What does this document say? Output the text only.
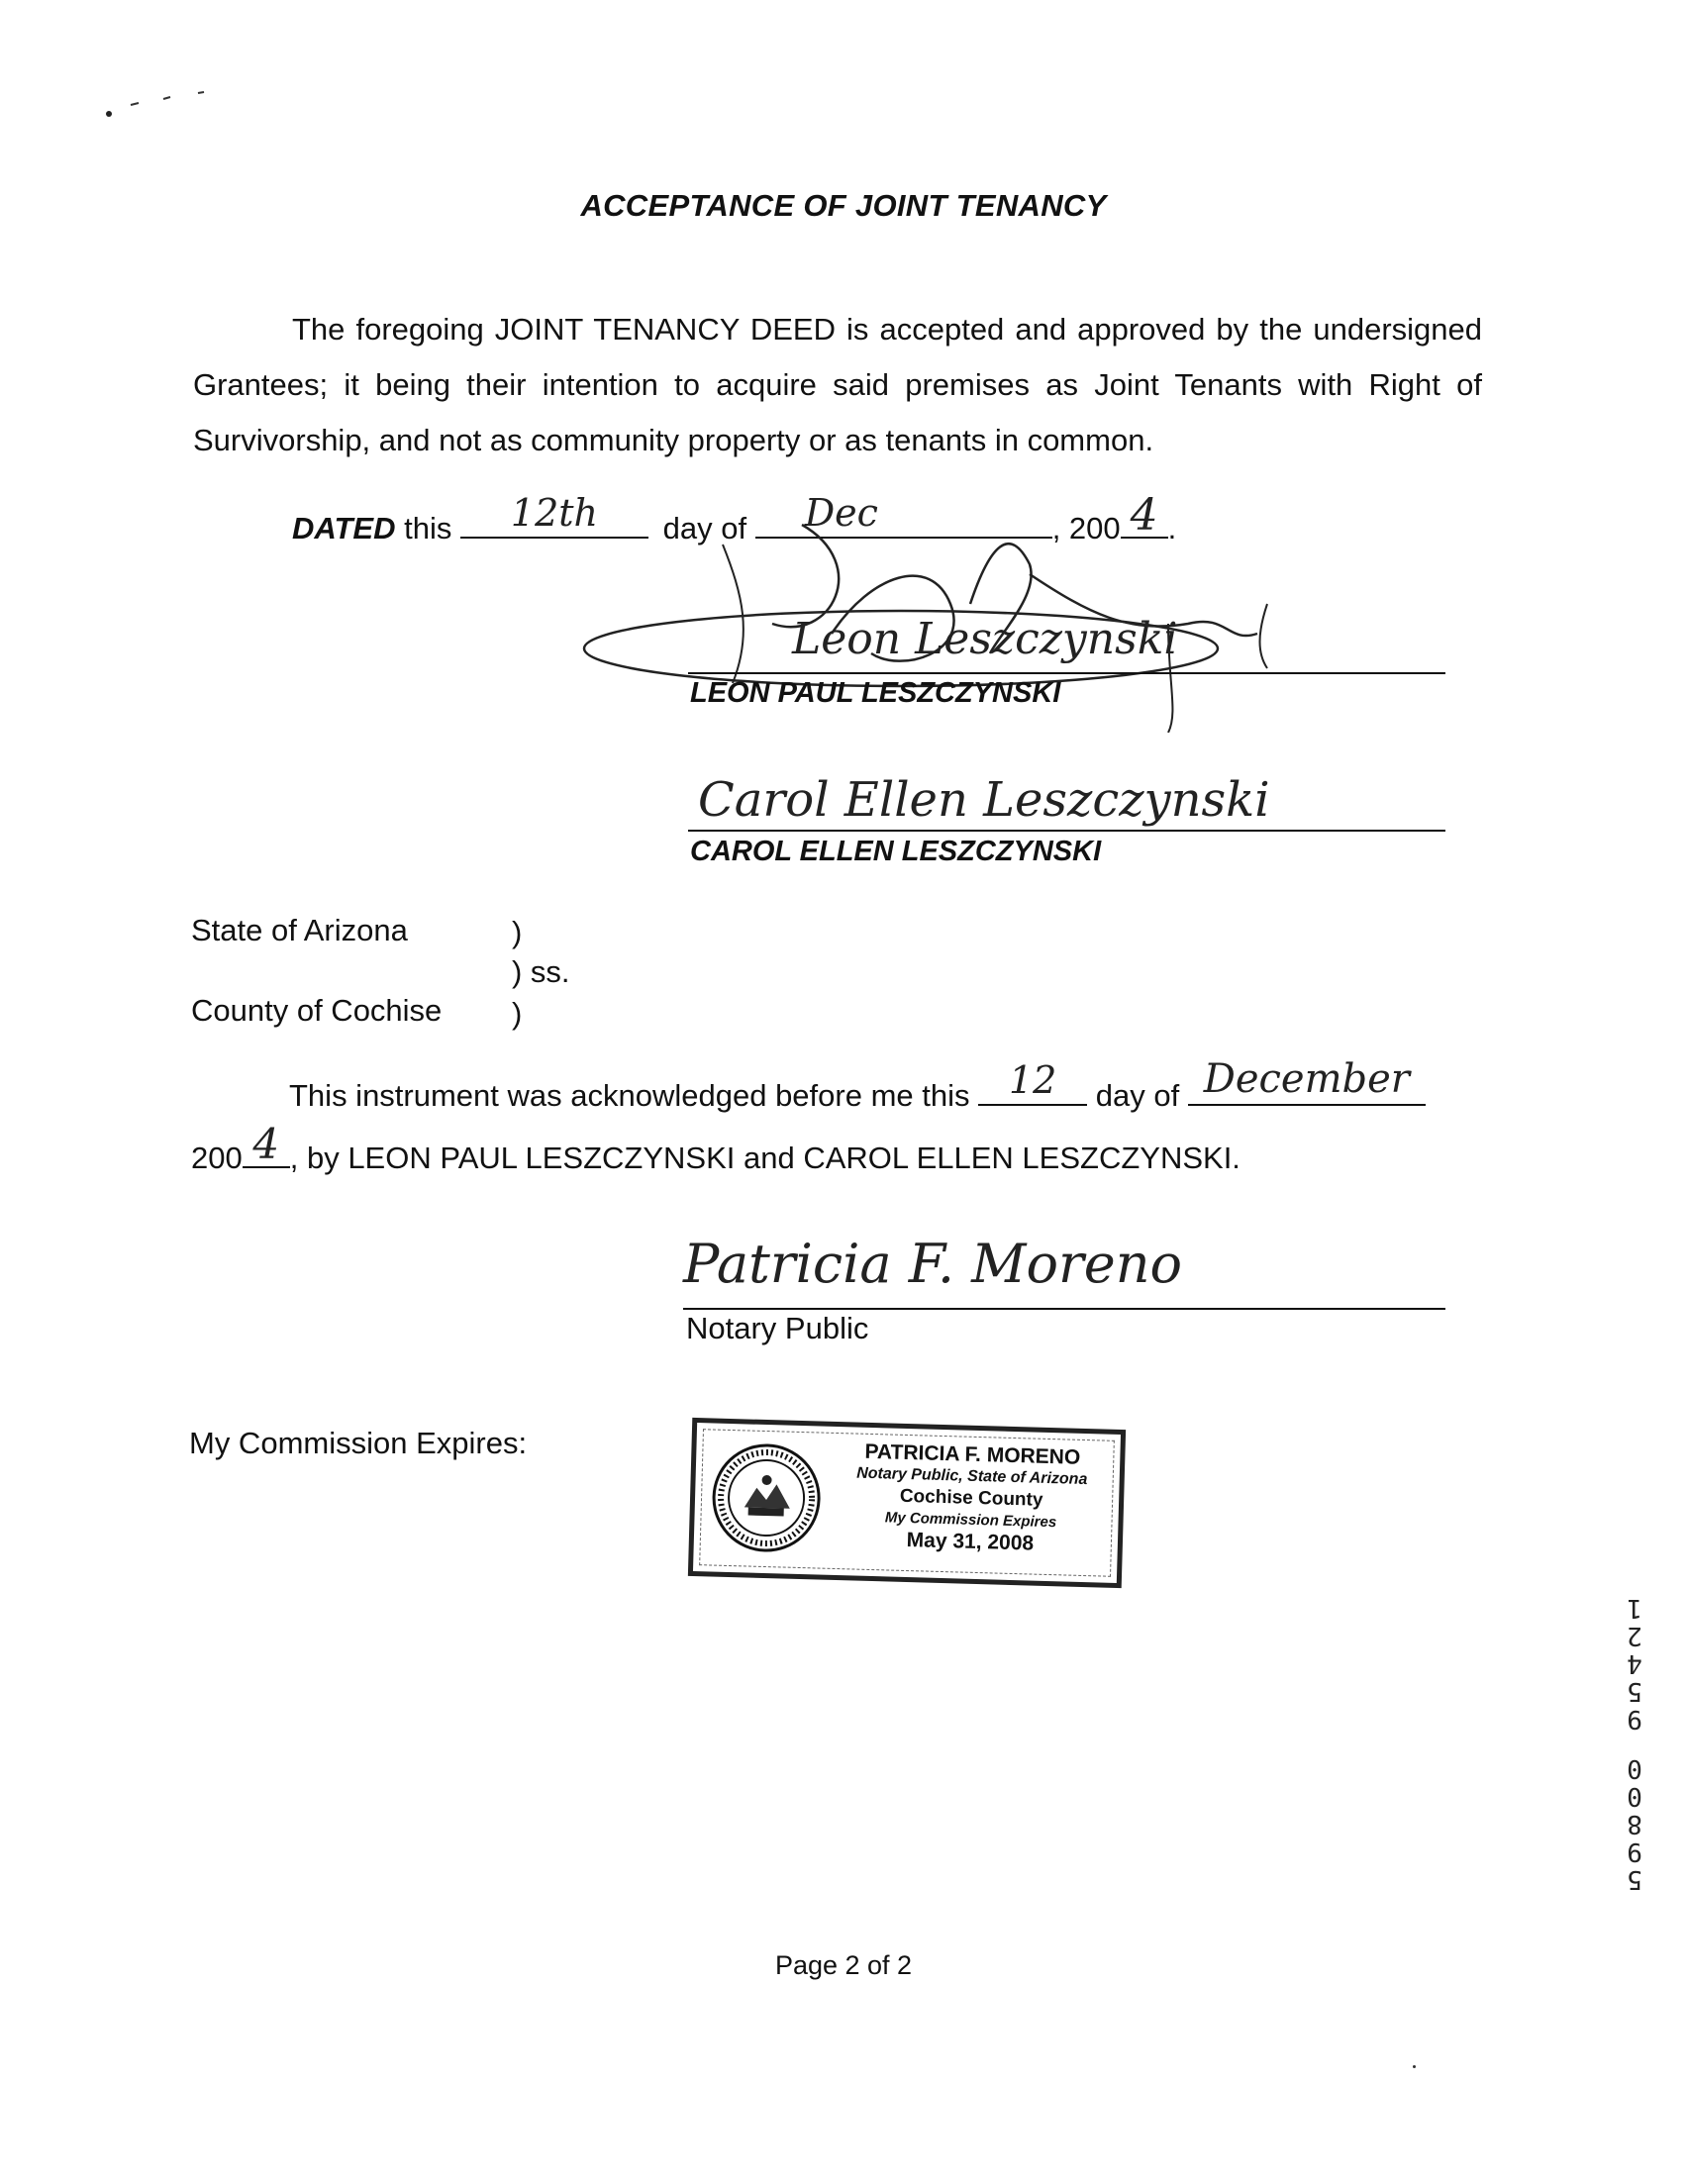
ACCEPTANCE OF JOINT TENANCY
The foregoing JOINT TENANCY DEED is accepted and approved by the undersigned Grantees; it being their intention to acquire said premises as Joint Tenants with Right of Survivorship, and not as community property or as tenants in common.
DATED this	12th	day of Dec	, 200 4 .
Leon Leszczynski
LEON PAUL LESZCZYNSKI
Carol Ellen Leszczynski
CAROL ELLEN LESZCZYNSKI
State of Arizona	)
) ss.
County of Cochise )
This instrument was acknowledged before me this	12	day of December
200 4 , by LEON PAUL LESZCZYNSKI and CAROL ELLEN LESZCZYNSKI.
Patricia F. Moreno
Notary Public
My Commission Expires:	PATRICIA F. MORENO
Notary Public, State of Arizona
Cochise County
My Commission Expires
May 31, 2008
1
2
4
5
9
0
0
8
9
5
Page 2 of 2
